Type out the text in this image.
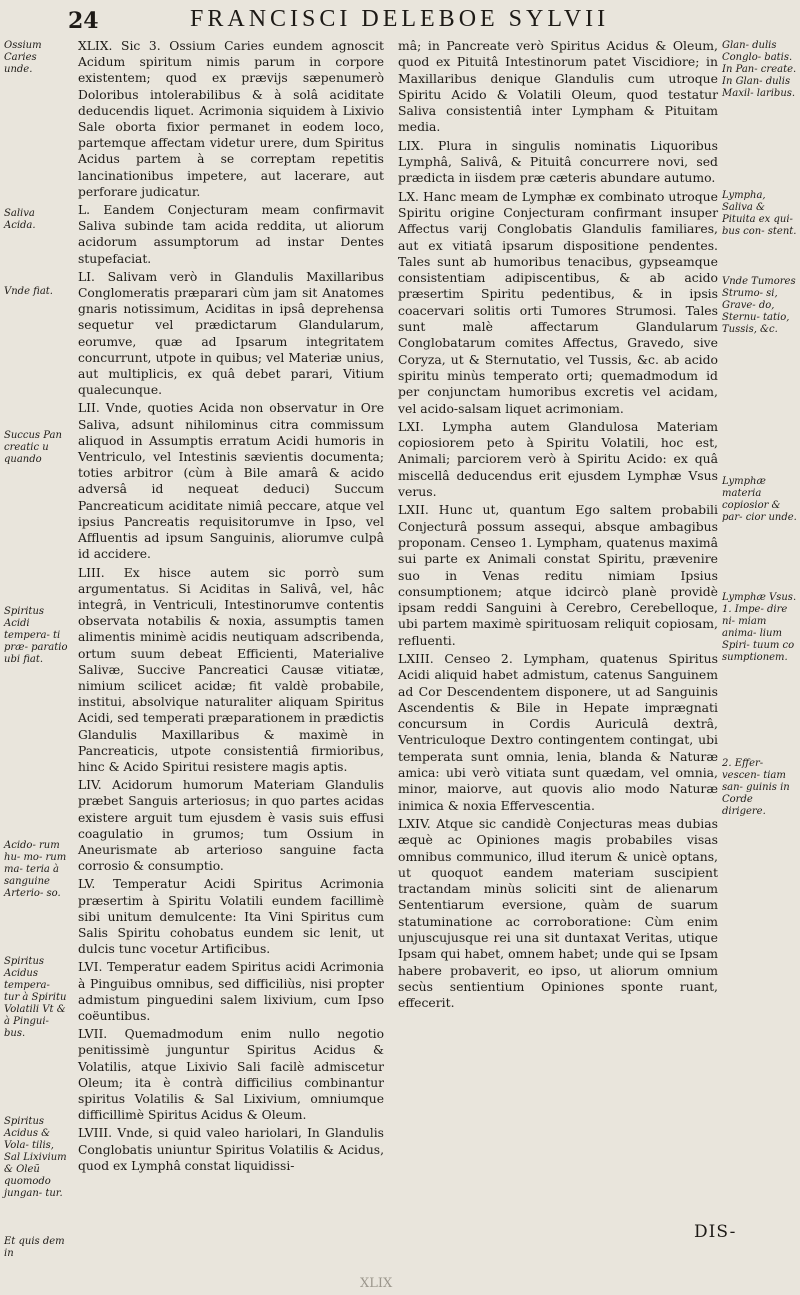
24	FRANCISCI DELEBOE SYLVII

Ossium Caries unde.

Saliva Acida.

Vnde fiat.

Succus Pan creatic u quando

Spiritus Acidi tempera- ti præ- paratio ubi fiat.

Acido- rum hu- mo- rum ma- teria à sanguine Arterio- so.

Spiritus Acidus tempera- tur à Spiritu Volatili Vt & à Pingui- bus.

Spiritus Acidus & Vola- tilis, Sal Lixivium & Oleũ quomodo jungan- tur.

Et quis dem in

XLIX. Sic 3. Ossium Caries eundem agnoscit Acidum spiritum nimis parum in corpore existentem; quod ex prævijs sæpenumerò Doloribus intolerabilibus & à solâ aciditate deducendis liquet. Acrimonia siquidem à Lixivio Sale oborta fixior permanet in eodem loco, partemque affectam videtur urere, dum Spiritus Acidus partem à se correptam repetitis lancinationibus impetere, aut lacerare, aut perforare judicatur.

L. Eandem Conjecturam meam confirmavit Saliva subinde tam acida reddita, ut aliorum acidorum assumptorum ad instar Dentes stupefaciat.

LI. Salivam verò in Glandulis Maxillaribus Conglomeratis præparari cùm jam sit Anatomes gnaris notissimum, Aciditas in ipsâ deprehensa sequetur vel prædictarum Glandularum, eorumve, quæ ad Ipsarum integritatem concurrunt, utpote in quibus; vel Materiæ unius, aut multiplicis, ex quâ debet parari, Vitium qualecunque.

LII. Vnde, quoties Acida non observatur in Ore Saliva, adsunt nihilominus citra commissum aliquod in Assumptis erratum Acidi humoris in Ventriculo, vel Intestinis sævientis documenta; toties arbitror (cùm à Bile amarâ & acido adversâ id nequeat deduci) Succum Pancreaticum aciditate nimiâ peccare, atque vel ipsius Pancreatis requisitorumve in Ipso, vel Affluentis ad ipsum Sanguinis, aliorumve culpâ id accidere.

LIII. Ex hisce autem sic porrò sum argumentatus. Si Aciditas in Salivâ, vel, hâc integrâ, in Ventriculi, Intestinorumve contentis observata notabilis & noxia, assumptis tamen alimentis minimè acidis neutiquam adscribenda, ortum suum debeat Efficienti, Materialive Salivæ, Succive Pancreatici Causæ vitiatæ, nimium scilicet acidæ; fit valdè probabile, institui, absolvique naturaliter aliquam Spiritus Acidi, sed temperati præparationem in prædictis Glandulis Maxillaribus & maximè in Pancreaticis, utpote consistentiâ firmioribus, hinc & Acido Spiritui resistere magis aptis.

LIV. Acidorum humorum Materiam Glandulis præbet Sanguis arteriosus; in quo partes acidas existere arguit tum ejusdem è vasis suis effusi coagulatio in grumos; tum Ossium in Aneurismate ab arterioso sanguine facta corrosio & consumptio.

LV. Temperatur Acidi Spiritus Acrimonia præsertim à Spiritu Volatili eundem facillimè sibi unitum demulcente: Ita Vini Spiritus cum Salis Spiritu cohobatus eundem sic lenit, ut dulcis tunc vocetur Artificibus.

LVI. Temperatur eadem Spiritus acidi Acrimonia à Pinguibus omnibus, sed difficiliùs, nisi propter admistum pinguedini salem lixivium, cum Ipso coëuntibus.

LVII. Quemadmodum enim nullo negotio penitissimè junguntur Spiritus Acidus & Volatilis, atque Lixivio Sali facilè admiscetur Oleum; ita è contrà difficilius combinantur spiritus Volatilis & Sal Lixivium, omniumque difficillimè Spiritus Acidus & Oleum.

LVIII. Vnde, si quid valeo hariolari, In Glandulis Conglobatis uniuntur Spiritus Volatilis & Acidus, quod ex Lymphâ constat liquidissi-

mâ; in Pancreate verò Spiritus Acidus & Oleum, quod ex Pituitâ Intestinorum patet Viscidiore; in Maxillaribus denique Glandulis cum utroque Spiritu Acido & Volatili Oleum, quod testatur Saliva consistentiâ inter Lympham & Pituitam media.

LIX. Plura in singulis nominatis Liquoribus Lymphâ, Salivâ, & Pituitâ concurrere novi, sed prædicta in iisdem præ cæteris abundare autumo.

LX. Hanc meam de Lymphæ ex combinato utroque Spiritu origine Conjecturam confirmant insuper Affectus varij Conglobatis Glandulis familiares, aut ex vitiatâ ipsarum dispositione pendentes. Tales sunt ab humoribus tenacibus, gypseamque consistentiam adipiscentibus, & ab acido præsertim Spiritu pedentibus, & in ipsis coacervari solitis orti Tumores Strumosi. Tales sunt malè affectarum Glandularum Conglobatarum comites Affectus, Gravedo, sive Coryza, ut & Sternutatio, vel Tussis, &c. ab acido spiritu minùs temperato orti; quemadmodum id per conjunctam humoribus excretis vel acidam, vel acido-salsam liquet acrimoniam.

LXI. Lympha autem Glandulosa Materiam copiosiorem peto à Spiritu Volatili, hoc est, Animali; parciorem verò à Spiritu Acido: ex quâ miscellâ deducendus erit ejusdem Lymphæ Vsus verus.

LXII. Hunc ut, quantum Ego saltem probabili Conjecturâ possum assequi, absque ambagibus proponam. Censeo 1. Lympham, quatenus maximâ sui parte ex Animali constat Spiritu, prævenire suo in Venas reditu nimiam Ipsius consumptionem; atque idcircò planè providè ipsam reddi Sanguini à Cerebro, Cerebelloque, ubi partem maximè spirituosam reliquit copiosam, refluenti.

LXIII. Censeo 2. Lympham, quatenus Spiritus Acidi aliquid habet admistum, catenus Sanguinem ad Cor Descendentem disponere, ut ad Sanguinis Ascendentis & Bile in Hepate imprægnati concursum in Cordis Auriculâ dextrâ, Ventriculoque Dextro contingentem contingat, ubi temperata sunt omnia, lenia, blanda & Naturæ amica: ubi verò vitiata sunt quædam, vel omnia, minor, maiorve, aut quovis alio modo Naturæ inimica & noxia Effervescentia.

LXIV. Atque sic candidè Conjecturas meas dubias æquè ac Opiniones magis probabiles visas omnibus communico, illud iterum & unicè optans, ut quoquot eandem materiam suscipient tractandam minùs soliciti sint de alienarum Sententiarum eversione, quàm de suarum statuminatione ac corroboratione: Cùm enim unjuscujusque rei una sit duntaxat Veritas, utique Ipsam qui habet, omnem habet; unde qui se Ipsam habere probaverit, eo ipso, ut aliorum omnium secùs sentientium Opiniones sponte ruant, effecerit.

Glan- dulis Conglo- batis. In Pan- create. In Glan- dulis Maxil- laribus.

Lympha, Saliva & Pituita ex qui- bus con- stent.

Vnde Tumores Strumo- si, Grave- do, Sternu- tatio, Tussis, &c.

Lymphæ materia copiosior & par- cior unde.

Lymphæ Vsus. 1. Impe- dire ni- miam anima- lium Spiri- tuum co sumptionem.

2. Effer- vescen- tiam san- guinis in Corde dirigere.

DIS-
XLIX
